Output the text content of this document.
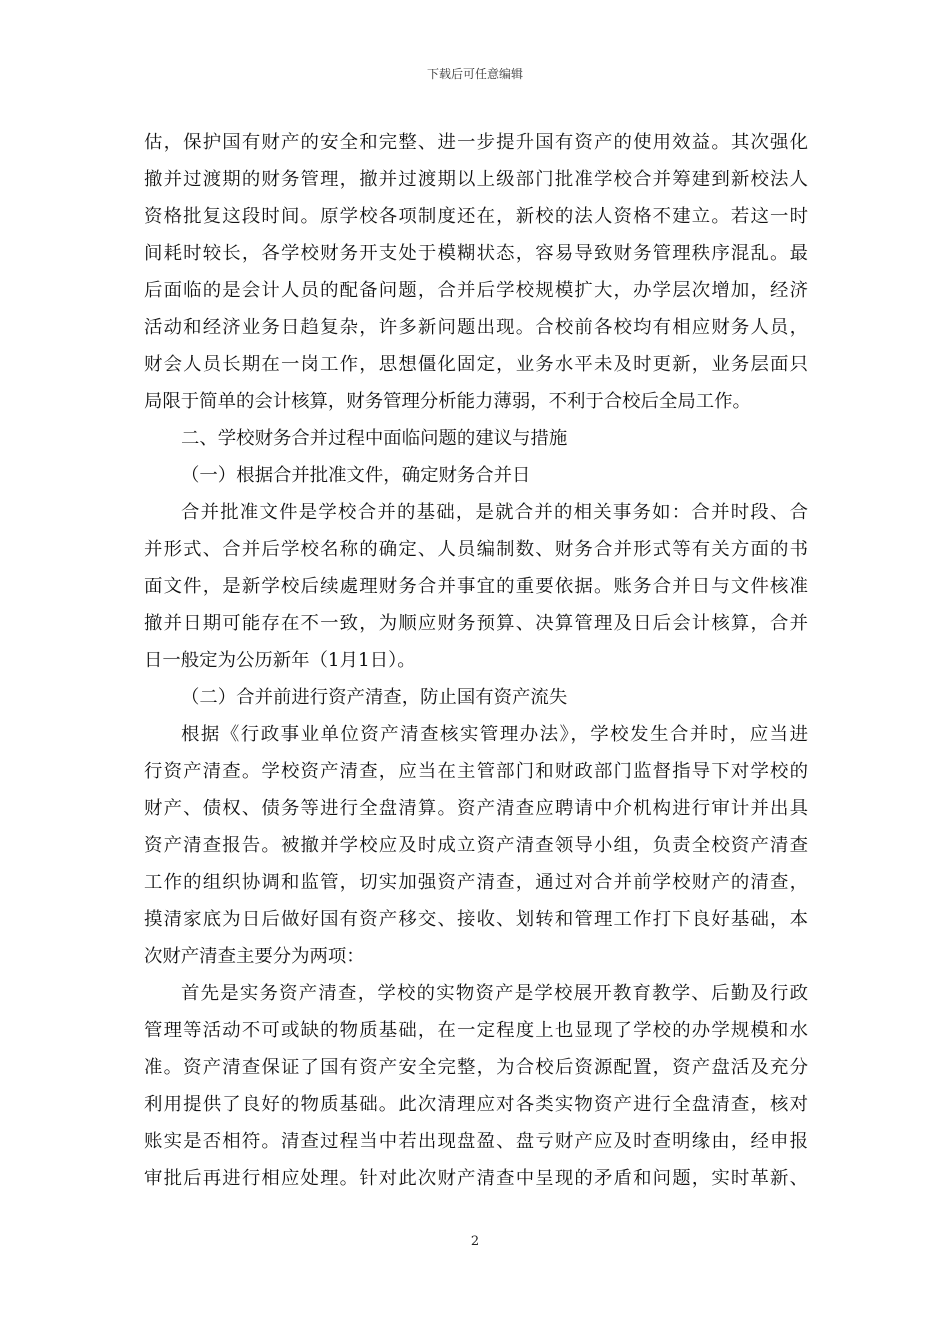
下载后可任意编辑
估，保护国有财产的安全和完整、进一步提升国有资产的使用效益。其次强化
撤并过渡期的财务管理，撤并过渡期以上级部门批准学校合并筹建到新校法人
资格批复这段时间。原学校各项制度还在，新校的法人资格不建立。若这一时
间耗时较长，各学校财务开支处于模糊状态，容易导致财务管理秩序混乱。最
后面临的是会计人员的配备问题，合并后学校规模扩大，办学层次增加，经济
活动和经济业务日趋复杂，许多新问题出现。合校前各校均有相应财务人员，
财会人员长期在一岗工作，思想僵化固定，业务水平未及时更新，业务层面只
局限于简单的会计核算，财务管理分析能力薄弱，不利于合校后全局工作。
二、学校财务合并过程中面临问题的建议与措施
（一）根据合并批准文件，确定财务合并日
合并批准文件是学校合并的基础，是就合并的相关事务如：合并时段、合
并形式、合并后学校名称的确定、人员编制数、财务合并形式等有关方面的书
面文件，是新学校后续處理财务合并事宜的重要依据。账务合并日与文件核准
撤并日期可能存在不一致，为顺应财务预算、决算管理及日后会计核算，合并
日一般定为公历新年（1月1日）。
（二）合并前进行资产清查，防止国有资产流失
根据《行政事业单位资产清查核实管理办法》，学校发生合并时，应当进
行资产清查。学校资产清查，应当在主管部门和财政部门监督指导下对学校的
财产、债权、债务等进行全盘清算。资产清查应聘请中介机构进行审计并出具
资产清查报告。被撤并学校应及时成立资产清查领导小组，负责全校资产清查
工作的组织协调和监管，切实加强资产清查，通过对合并前学校财产的清查，
摸清家底为日后做好国有资产移交、接收、划转和管理工作打下良好基础，本
次财产清查主要分为两项：
首先是实务资产清查，学校的实物资产是学校展开教育教学、后勤及行政
管理等活动不可或缺的物质基础，在一定程度上也显现了学校的办学规模和水
准。资产清查保证了国有资产安全完整，为合校后资源配置，资产盘活及充分
利用提供了良好的物质基础。此次清理应对各类实物资产进行全盘清查，核对
账实是否相符。清查过程当中若出现盘盈、盘亏财产应及时查明缘由，经申报
审批后再进行相应处理。针对此次财产清查中呈现的矛盾和问题，实时革新、
2
